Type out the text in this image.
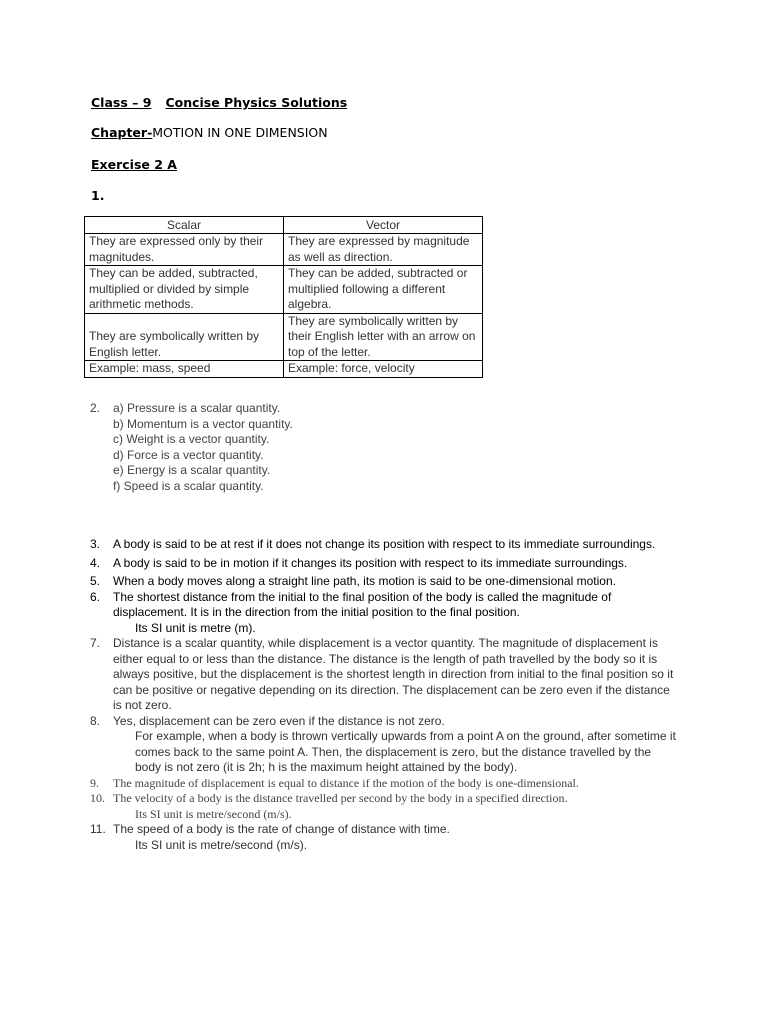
Class – 9 Concise Physics Solutions
Chapter-MOTION IN ONE DIMENSION
Exercise 2 A
1.
Scalar	Vector
They are expressed only by their magnitudes.	They are expressed by magnitude as well as direction.
They can be added, subtracted, multiplied or divided by simple arithmetic methods.	They can be added, subtracted or multiplied following a different algebra.
They are symbolically written by English letter.	They are symbolically written by their English letter with an arrow on top of the letter.
Example: mass, speed	Example: force, velocity
2. a) Pressure is a scalar quantity.
b) Momentum is a vector quantity.
c) Weight is a vector quantity.
d) Force is a vector quantity.
e) Energy is a scalar quantity.
f) Speed is a scalar quantity.
3. A body is said to be at rest if it does not change its position with respect to its immediate surroundings.
4. A body is said to be in motion if it changes its position with respect to its immediate surroundings.
5. When a body moves along a straight line path, its motion is said to be one-dimensional motion.
6. The shortest distance from the initial to the final position of the body is called the magnitude of displacement. It is in the direction from the initial position to the final position.
Its SI unit is metre (m).
7. Distance is a scalar quantity, while displacement is a vector quantity. The magnitude of displacement is either equal to or less than the distance. The distance is the length of path travelled by the body so it is always positive, but the displacement is the shortest length in direction from initial to the final position so it can be positive or negative depending on its direction. The displacement can be zero even if the distance is not zero.
8. Yes, displacement can be zero even if the distance is not zero.
For example, when a body is thrown vertically upwards from a point A on the ground, after sometime it comes back to the same point A. Then, the displacement is zero, but the distance travelled by the body is not zero (it is 2h; h is the maximum height attained by the body).
9. The magnitude of displacement is equal to distance if the motion of the body is one-dimensional.
10. The velocity of a body is the distance travelled per second by the body in a specified direction.
Its SI unit is metre/second (m/s).
11. The speed of a body is the rate of change of distance with time.
Its SI unit is metre/second (m/s).
